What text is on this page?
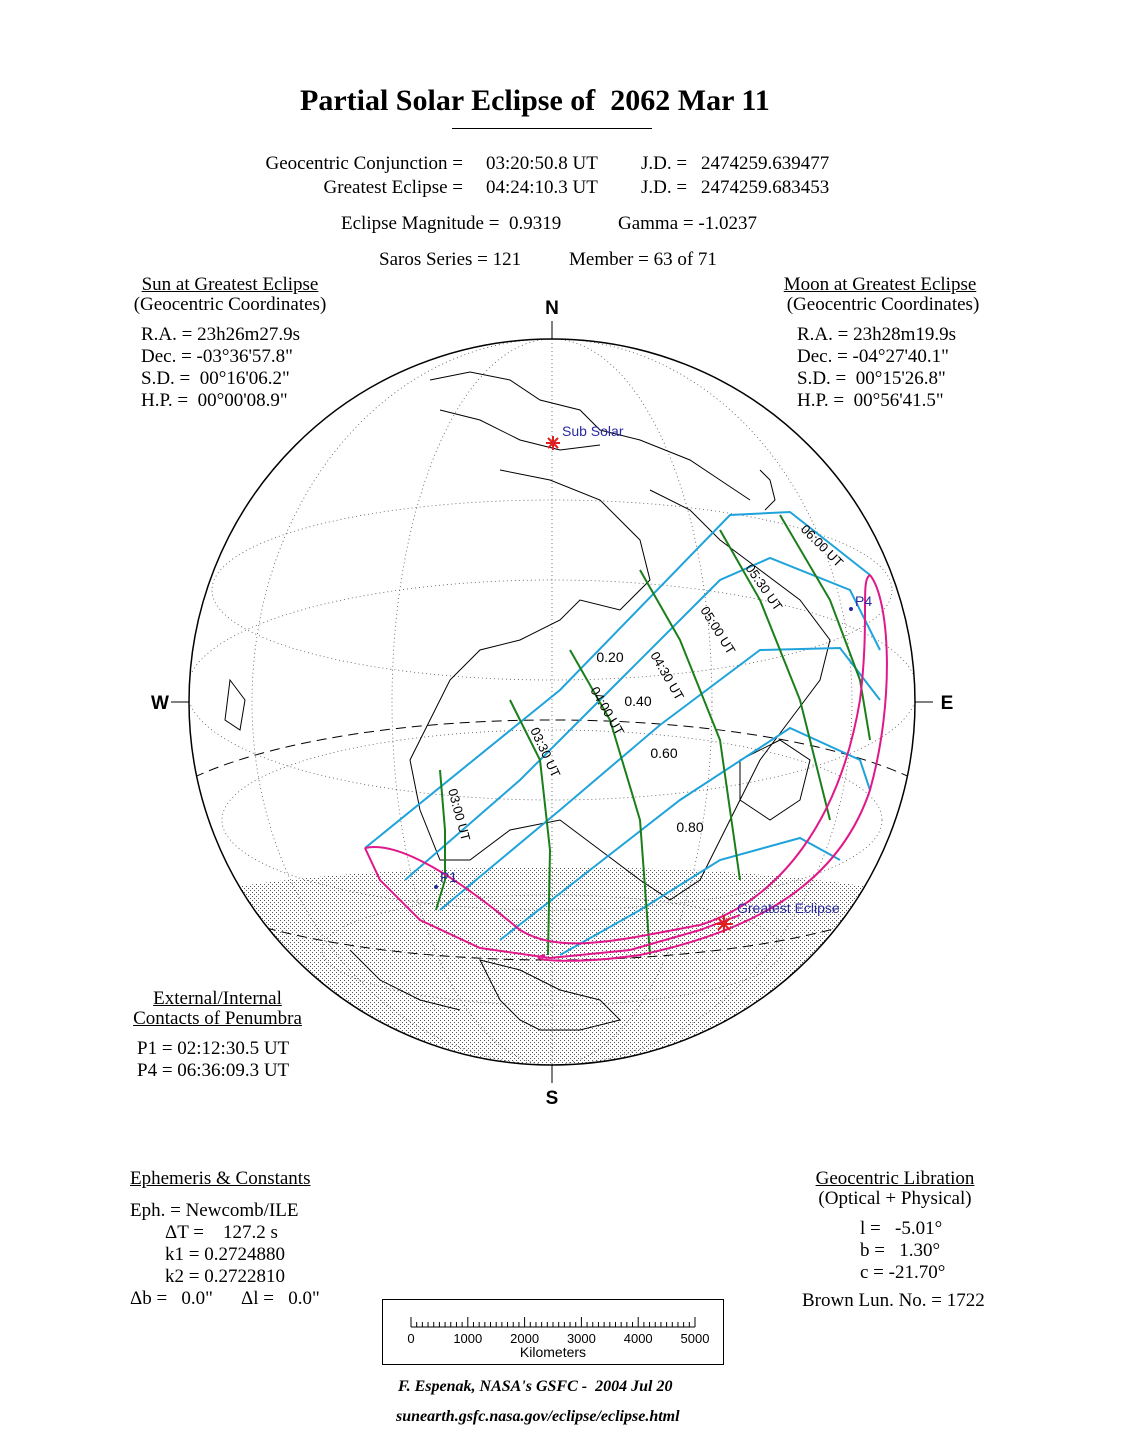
Partial Solar Eclipse of  2062 Mar 11
Geocentric Conjunction = 03:20:50.8 UT J.D. = 2474259.639477
Greatest Eclipse = 04:24:10.3 UT J.D. = 2474259.683453
Eclipse Magnitude =  0.9319	Gamma = -1.0237
Saros Series = 121	Member = 63 of 71
Sun at Greatest Eclipse
(Geocentric Coordinates)
R.A. = 23h26m27.9s
Dec. = -03°36'57.8"
S.D. =  00°16'06.2"
H.P. =  00°00'08.9"
Moon at Greatest Eclipse
(Geocentric Coordinates)
R.A. = 23h28m19.9s
Dec. = -04°27'40.1"
S.D. =  00°15'26.8"
H.P. =  00°56'41.5"
External/Internal
Contacts of Penumbra
P1 = 02:12:30.5 UT
P4 = 06:36:09.3 UT
Ephemeris & Constants
Eph. = Newcomb/ILE
ΔT =    127.2 s
k1 = 0.2724880
k2 = 0.2722810
Δb =   0.0" Δl =   0.0"
Geocentric Libration
(Optical + Physical)
l =   -5.01°
b =   1.30°
c = -21.70°
Brown Lun. No. = 1722
N
S
W	E
0.20
0.40
0.60
0.80
03:00 UT
03:30 UT
04:00 UT
04:30 UT
05:00 UT
05:30 UT
06:00 UT
Sub Solar
Greatest Eclipse
P1
P4
0	1000 2000 3000 4000 5000
Kilometers
F. Espenak, NASA's GSFC -  2004 Jul 20
sunearth.gsfc.nasa.gov/eclipse/eclipse.html
